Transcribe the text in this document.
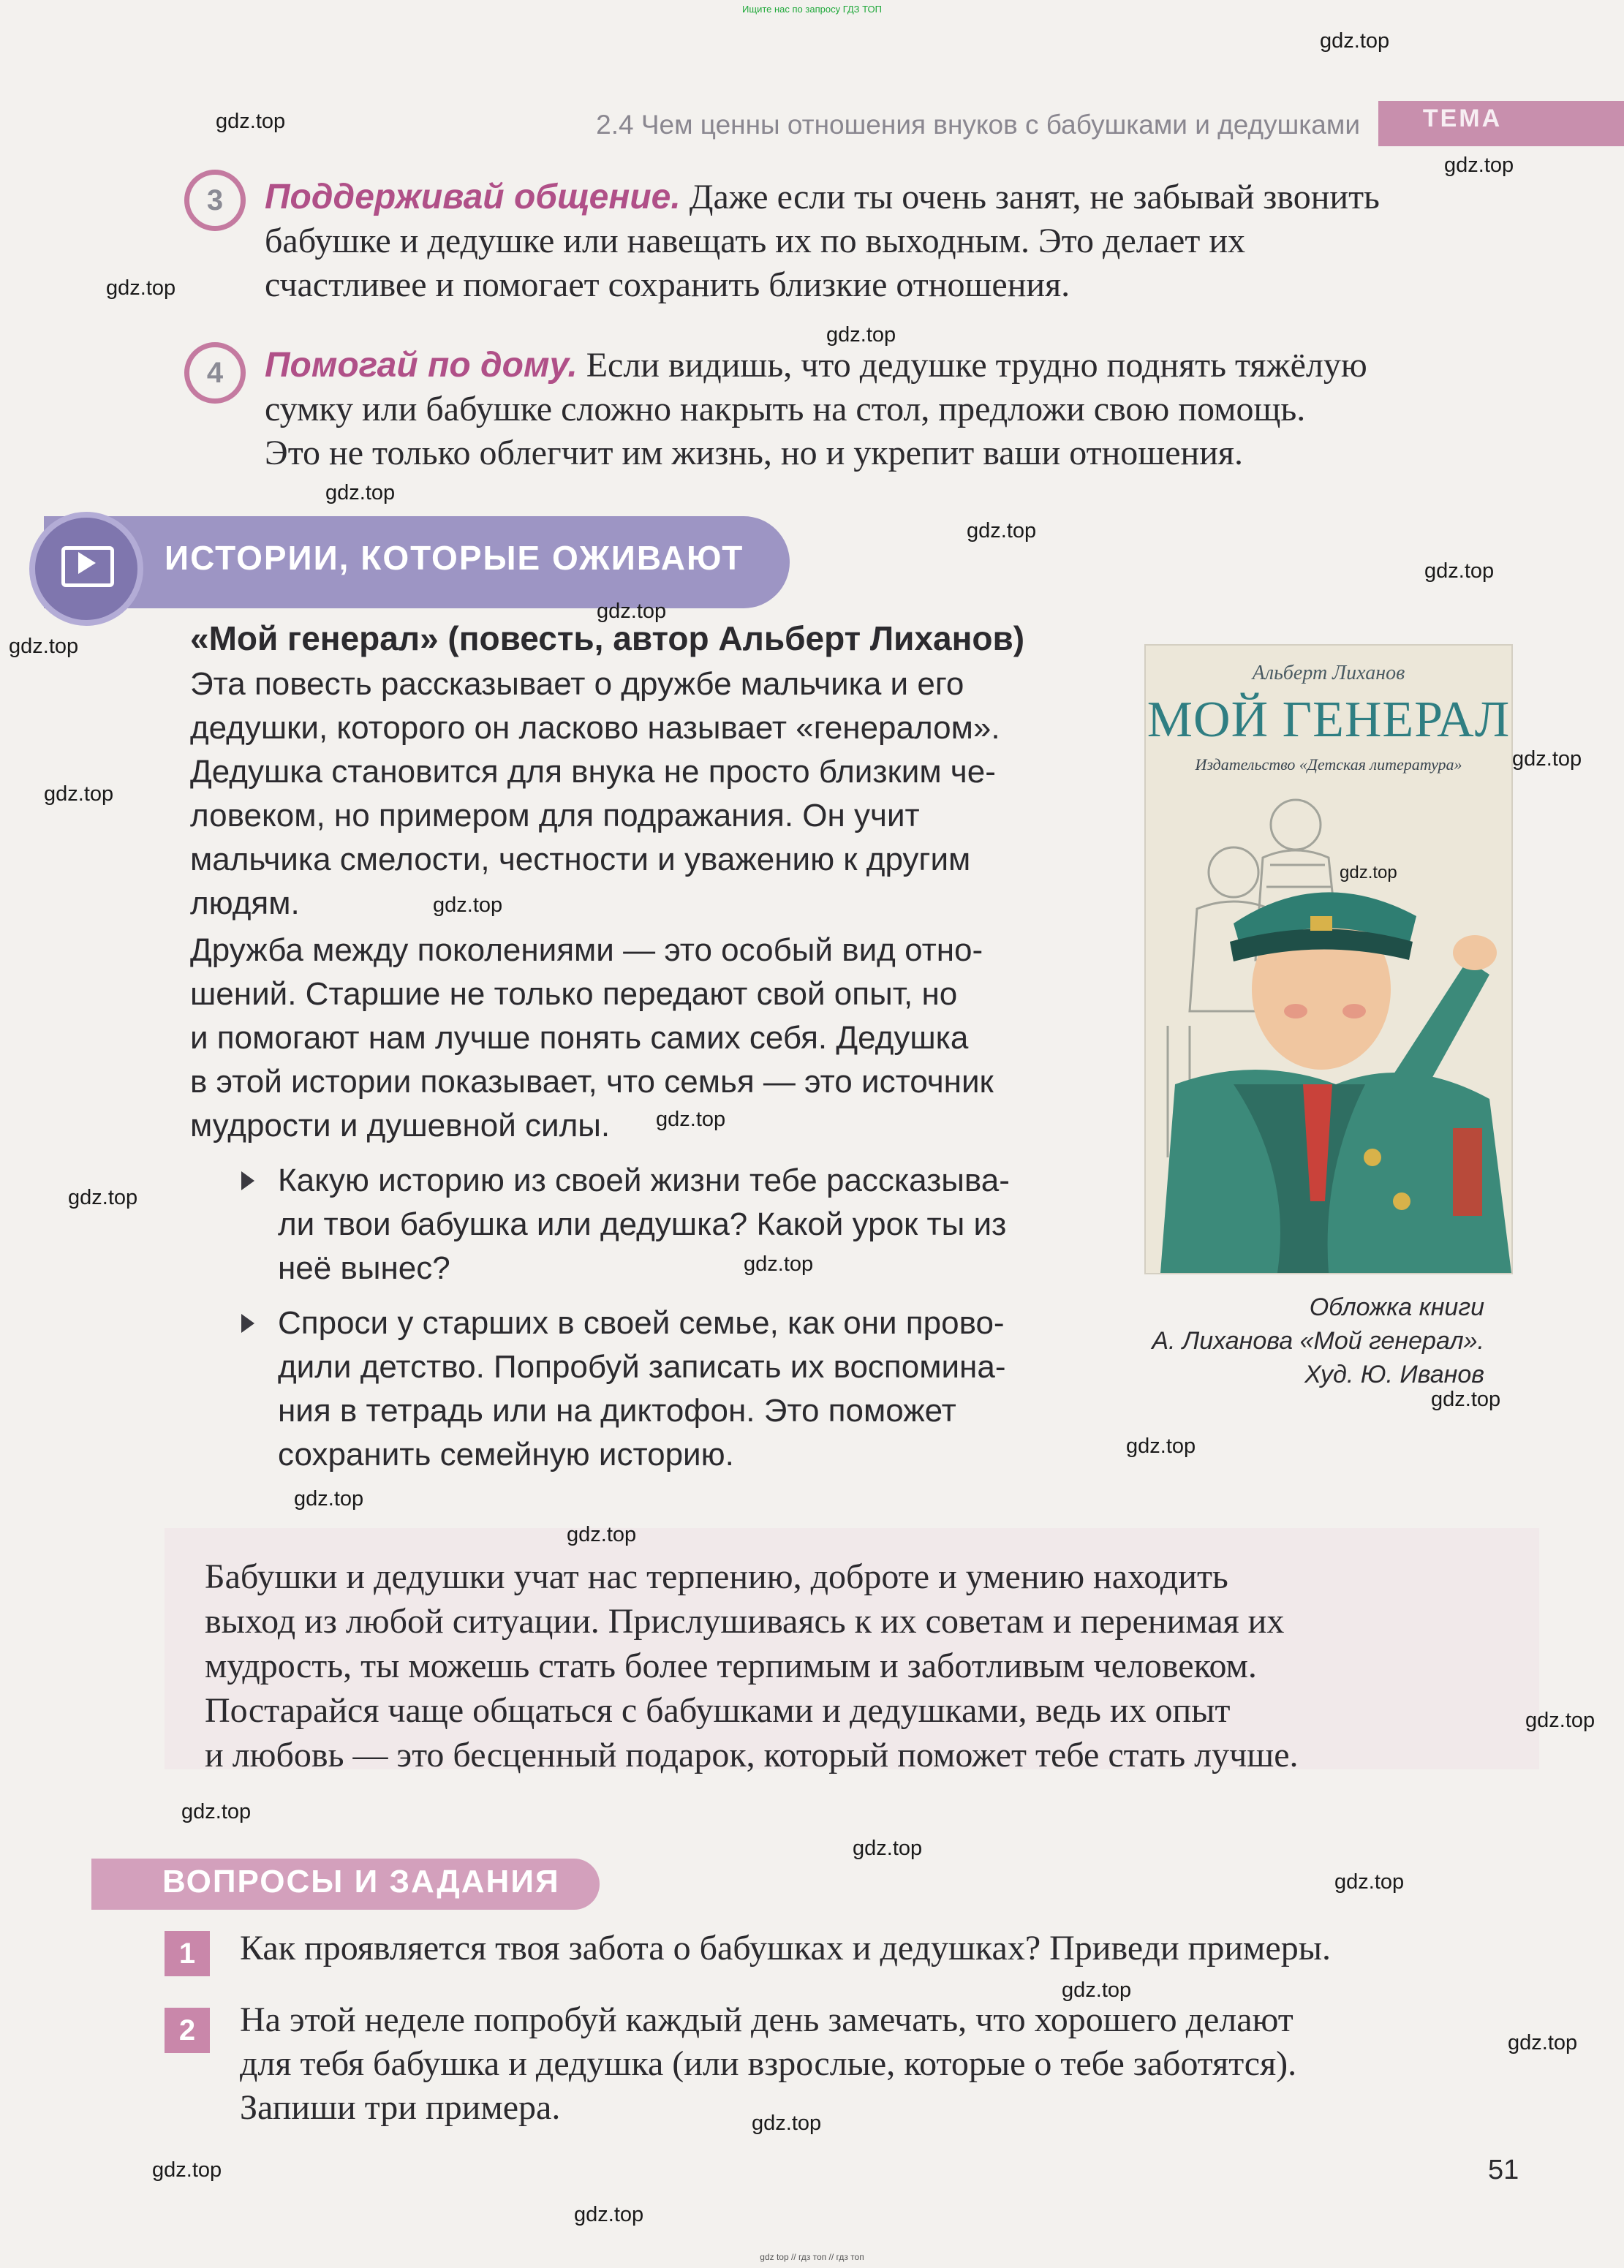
Ищите нас по запросу ГДЗ ТОП
2.4 Чем ценны отношения внуков с бабушками и дедушками	ТЕМА
3	Поддерживай общение. Даже если ты очень занят, не забывай звонить
бабушке и дедушке или навещать их по выходным. Это делает их
счастливее и помогает сохранить близкие отношения.
4	Помогай по дому. Если видишь, что дедушке трудно поднять тяжёлую
сумку или бабушке сложно накрыть на стол, предложи свою помощь.
Это не только облегчит им жизнь, но и укрепит ваши отношения.
ИСТОРИИ, КОТОРЫЕ ОЖИВАЮТ
«Мой генерал» (повесть, автор Альберт Лиханов)
Эта повесть рассказывает о дружбе мальчика и его
дедушки, которого он ласково называет «генералом».
Дедушка становится для внука не просто близким че-
ловеком, но примером для подражания. Он учит
мальчика смелости, честности и уважению к другим
людям.
Дружба между поколениями — это особый вид отно-
шений. Старшие не только передают свой опыт, но
и помогают нам лучше понять самих себя. Дедушка
в этой истории показывает, что семья — это источник
мудрости и душевной силы.
Какую историю из своей жизни тебе рассказыва-
ли твои бабушка или дедушка? Какой урок ты из
неё вынес?
Спроси у старших в своей семье, как они прово-
дили детство. Попробуй записать их воспомина-
ния в тетрадь или на диктофон. Это поможет
сохранить семейную историю.
Альберт Лиханов
МОЙ ГЕНЕРАЛ
Издательство «Детская литература»
Обложка книги
А. Лиханова «Мой генерал».
Худ. Ю. Иванов
Бабушки и дедушки учат нас терпению, доброте и умению находить
выход из любой ситуации. Прислушиваясь к их советам и перенимая их
мудрость, ты можешь стать более терпимым и заботливым человеком.
Постарайся чаще общаться с бабушками и дедушками, ведь их опыт
и любовь — это бесценный подарок, который поможет тебе стать лучше.
ВОПРОСЫ И ЗАДАНИЯ
1	Как проявляется твоя забота о бабушках и дедушках? Приведи примеры.
2	На этой неделе попробуй каждый день замечать, что хорошего делают
для тебя бабушка и дедушка (или взрослые, которые о тебе заботятся).
Запиши три примера.
51
gdz.top
gdz.top
gdz.top
gdz.top
gdz.top
gdz.top
gdz.top
gdz.top
gdz.top
gdz.top
gdz.top
gdz.top
gdz.top
gdz.top
gdz.top
gdz.top
gdz.top
gdz.top
gdz.top
gdz.top
gdz.top
gdz.top
gdz.top
gdz.top
gdz.top
gdz.top
gdz.top
gdz.top
gdz.top
gdz.top
gdz top // гдз топ // гдз топ
